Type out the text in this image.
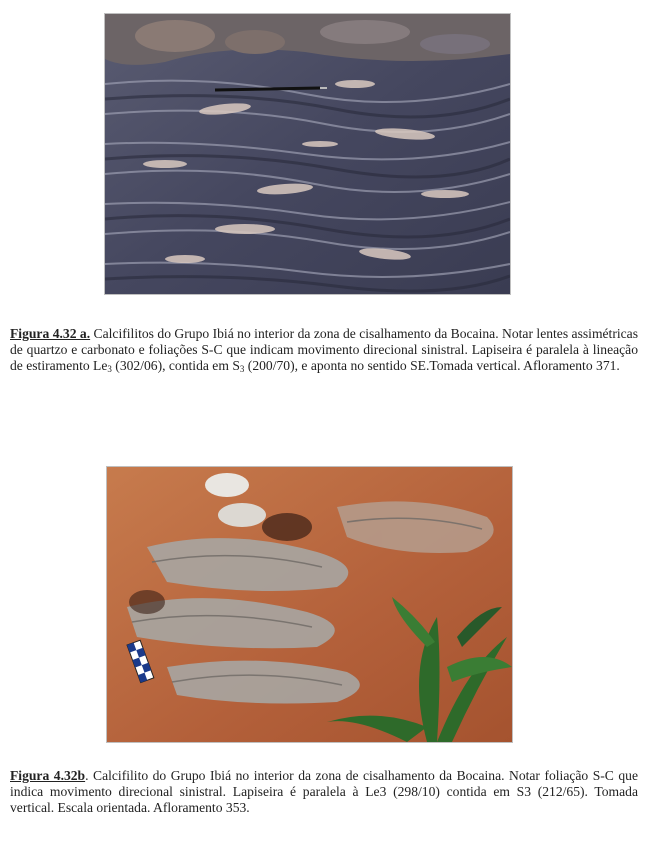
Figura 4.32 a. Calcifilitos do Grupo Ibiá no interior da zona de cisalhamento da Bocaina. Notar lentes assimétricas de quartzo e carbonato e foliações S-C que indicam movimento direcional sinistral. Lapiseira é paralela à lineação de estiramento $Le_3$ (302/06), contida em $S_3$ (200/70), e aponta no sentido SE.Tomada vertical. Afloramento 371.
Figura 4.32b. Calcifilito do Grupo Ibiá no interior da zona de cisalhamento da Bocaina. Notar foliação S-C que indica movimento direcional sinistral. Lapiseira é paralela à Le3 (298/10) contida em S3 (212/65). Tomada vertical. Escala orientada. Afloramento 353.
